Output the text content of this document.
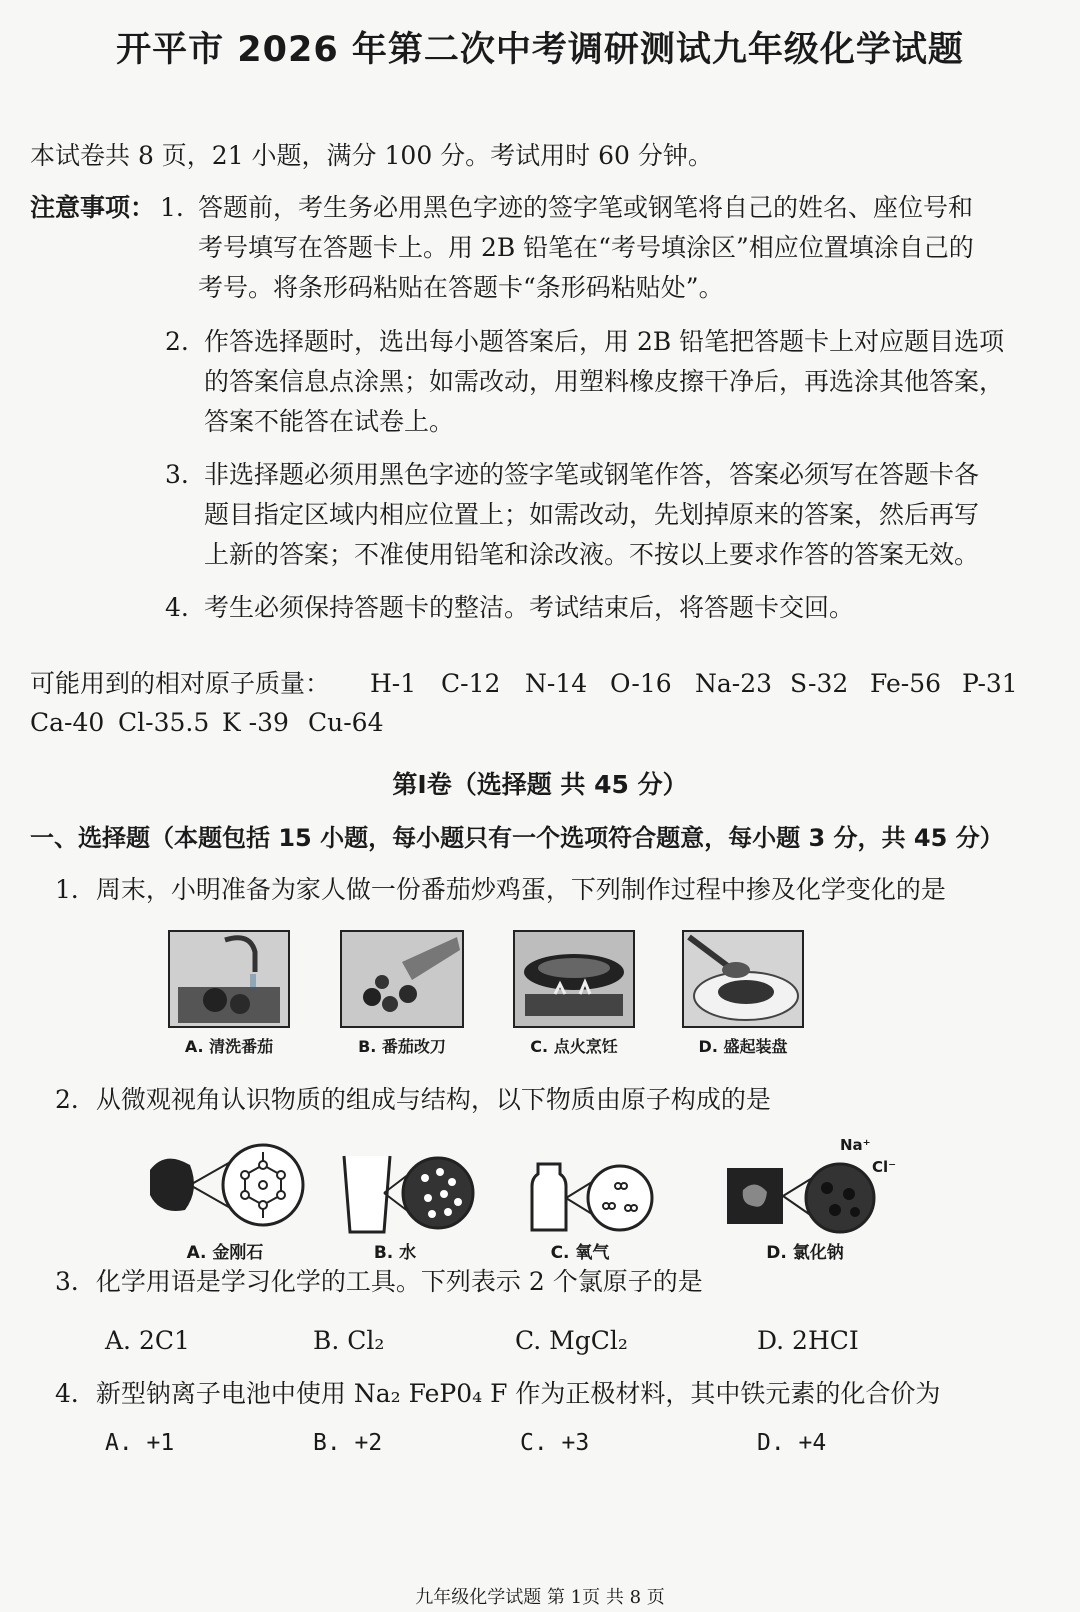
开平市 2026 年第二次中考调研测试九年级化学试题
本试卷共 8 页，21 小题，满分 100 分。考试用时 60 分钟。
注意事项： 1. 答题前，考生务必用黑色字迹的签字笔或钢笔将自己的姓名、座位号和
考号填写在答题卡上。用 2B 铅笔在“考号填涂区”相应位置填涂自己的
考号。将条形码粘贴在答题卡“条形码粘贴处”。
2. 作答选择题时，选出每小题答案后，用 2B 铅笔把答题卡上对应题目选项
的答案信息点涂黑；如需改动，用塑料橡皮擦干净后，再选涂其他答案，
答案不能答在试卷上。
3. 非选择题必须用黑色字迹的签字笔或钢笔作答，答案必须写在答题卡各
题目指定区域内相应位置上；如需改动，先划掉原来的答案，然后再写
上新的答案；不准使用铅笔和涂改液。不按以上要求作答的答案无效。
4. 考生必须保持答题卡的整洁。考试结束后，将答题卡交回。
可能用到的相对原子质量： H-1 C-12 N-14 O-16 Na-23 S-32 Fe-56 P-31
Ca-40 Cl-35.5 K -39 Cu-64
第I卷（选择题 共 45 分）
一、选择题（本题包括 15 小题，每小题只有一个选项符合题意，每小题 3 分，共 45 分）
1．周末，小明准备为家人做一份番茄炒鸡蛋，下列制作过程中掺及化学变化的是
A. 清洗番茄	B. 番茄改刀	C. 点火烹饪	D. 盛起装盘
2．从微观视角认识物质的组成与结构，以下物质由原子构成的是
Na⁺
Cl⁻
A. 金刚石	B. 水	C. 氧气	D. 氯化钠
3．化学用语是学习化学的工具。下列表示 2 个氯原子的是
A. 2C1	B. Cl₂	C. MgCl₂	D. 2HCI
4．新型钠离子电池中使用 Na₂ FeP0₄ F 作为正极材料，其中铁元素的化合价为
A. +1	B. +2	C. +3	D. +4
九年级化学试题 第 1页 共 8 页
